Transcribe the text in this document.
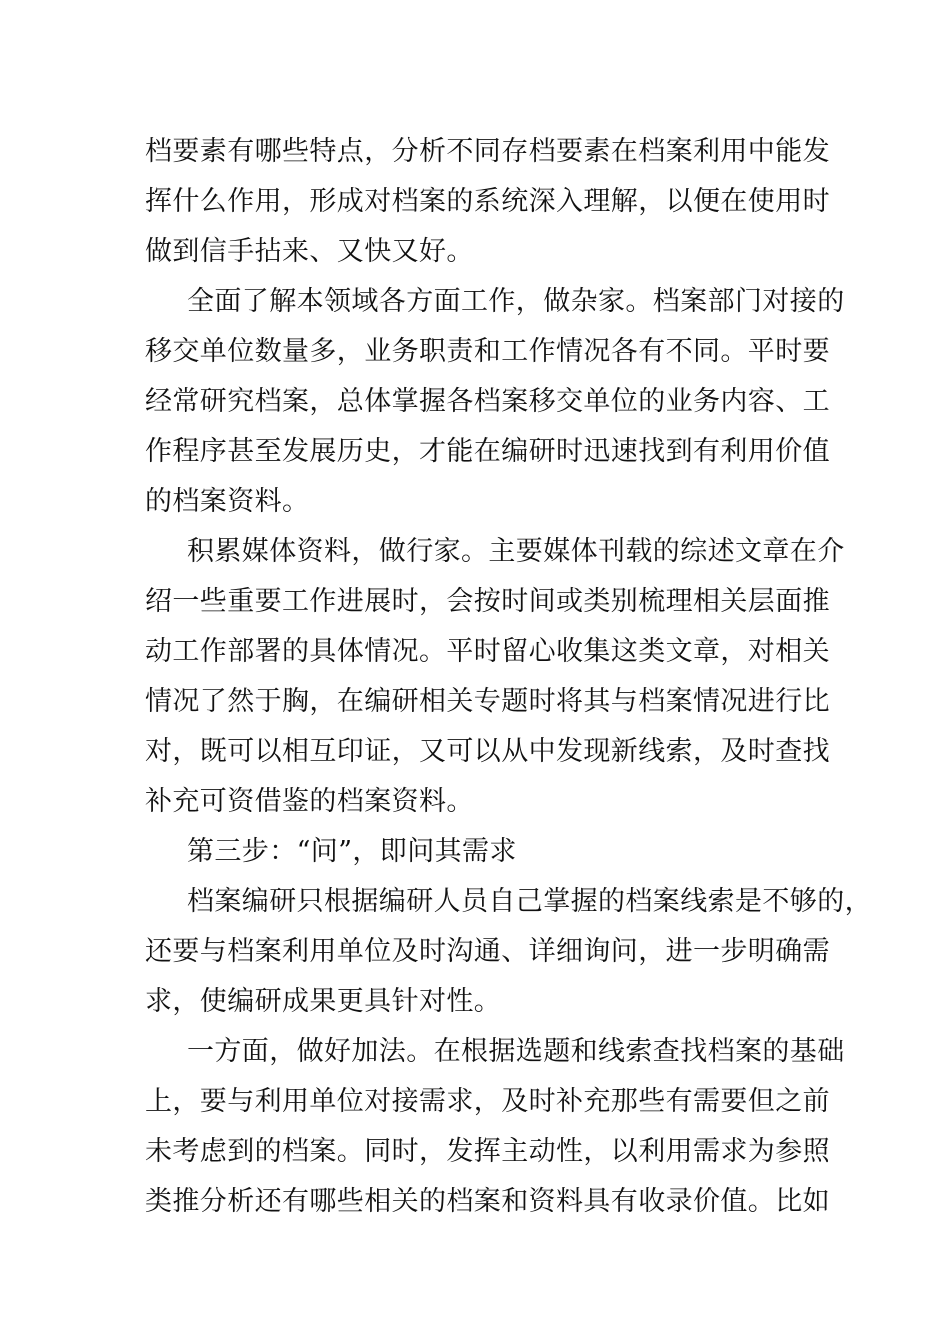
档要素有哪些特点，分析不同存档要素在档案利用中能发
挥什么作用，形成对档案的系统深入理解，以便在使用时
做到信手拈来、又快又好。
全面了解本领域各方面工作，做杂家。档案部门对接的
移交单位数量多，业务职责和工作情况各有不同。平时要
经常研究档案，总体掌握各档案移交单位的业务内容、工
作程序甚至发展历史，才能在编研时迅速找到有利用价值
的档案资料。
积累媒体资料，做行家。主要媒体刊载的综述文章在介
绍一些重要工作进展时，会按时间或类别梳理相关层面推
动工作部署的具体情况。平时留心收集这类文章，对相关
情况了然于胸，在编研相关专题时将其与档案情况进行比
对，既可以相互印证，又可以从中发现新线索，及时查找
补充可资借鉴的档案资料。
第三步：“问”，即问其需求
档案编研只根据编研人员自己掌握的档案线索是不够的，
还要与档案利用单位及时沟通、详细询问，进一步明确需
求，使编研成果更具针对性。
一方面，做好加法。在根据选题和线索查找档案的基础
上，要与利用单位对接需求，及时补充那些有需要但之前
未考虑到的档案。同时，发挥主动性，以利用需求为参照
类推分析还有哪些相关的档案和资料具有收录价值。比如
